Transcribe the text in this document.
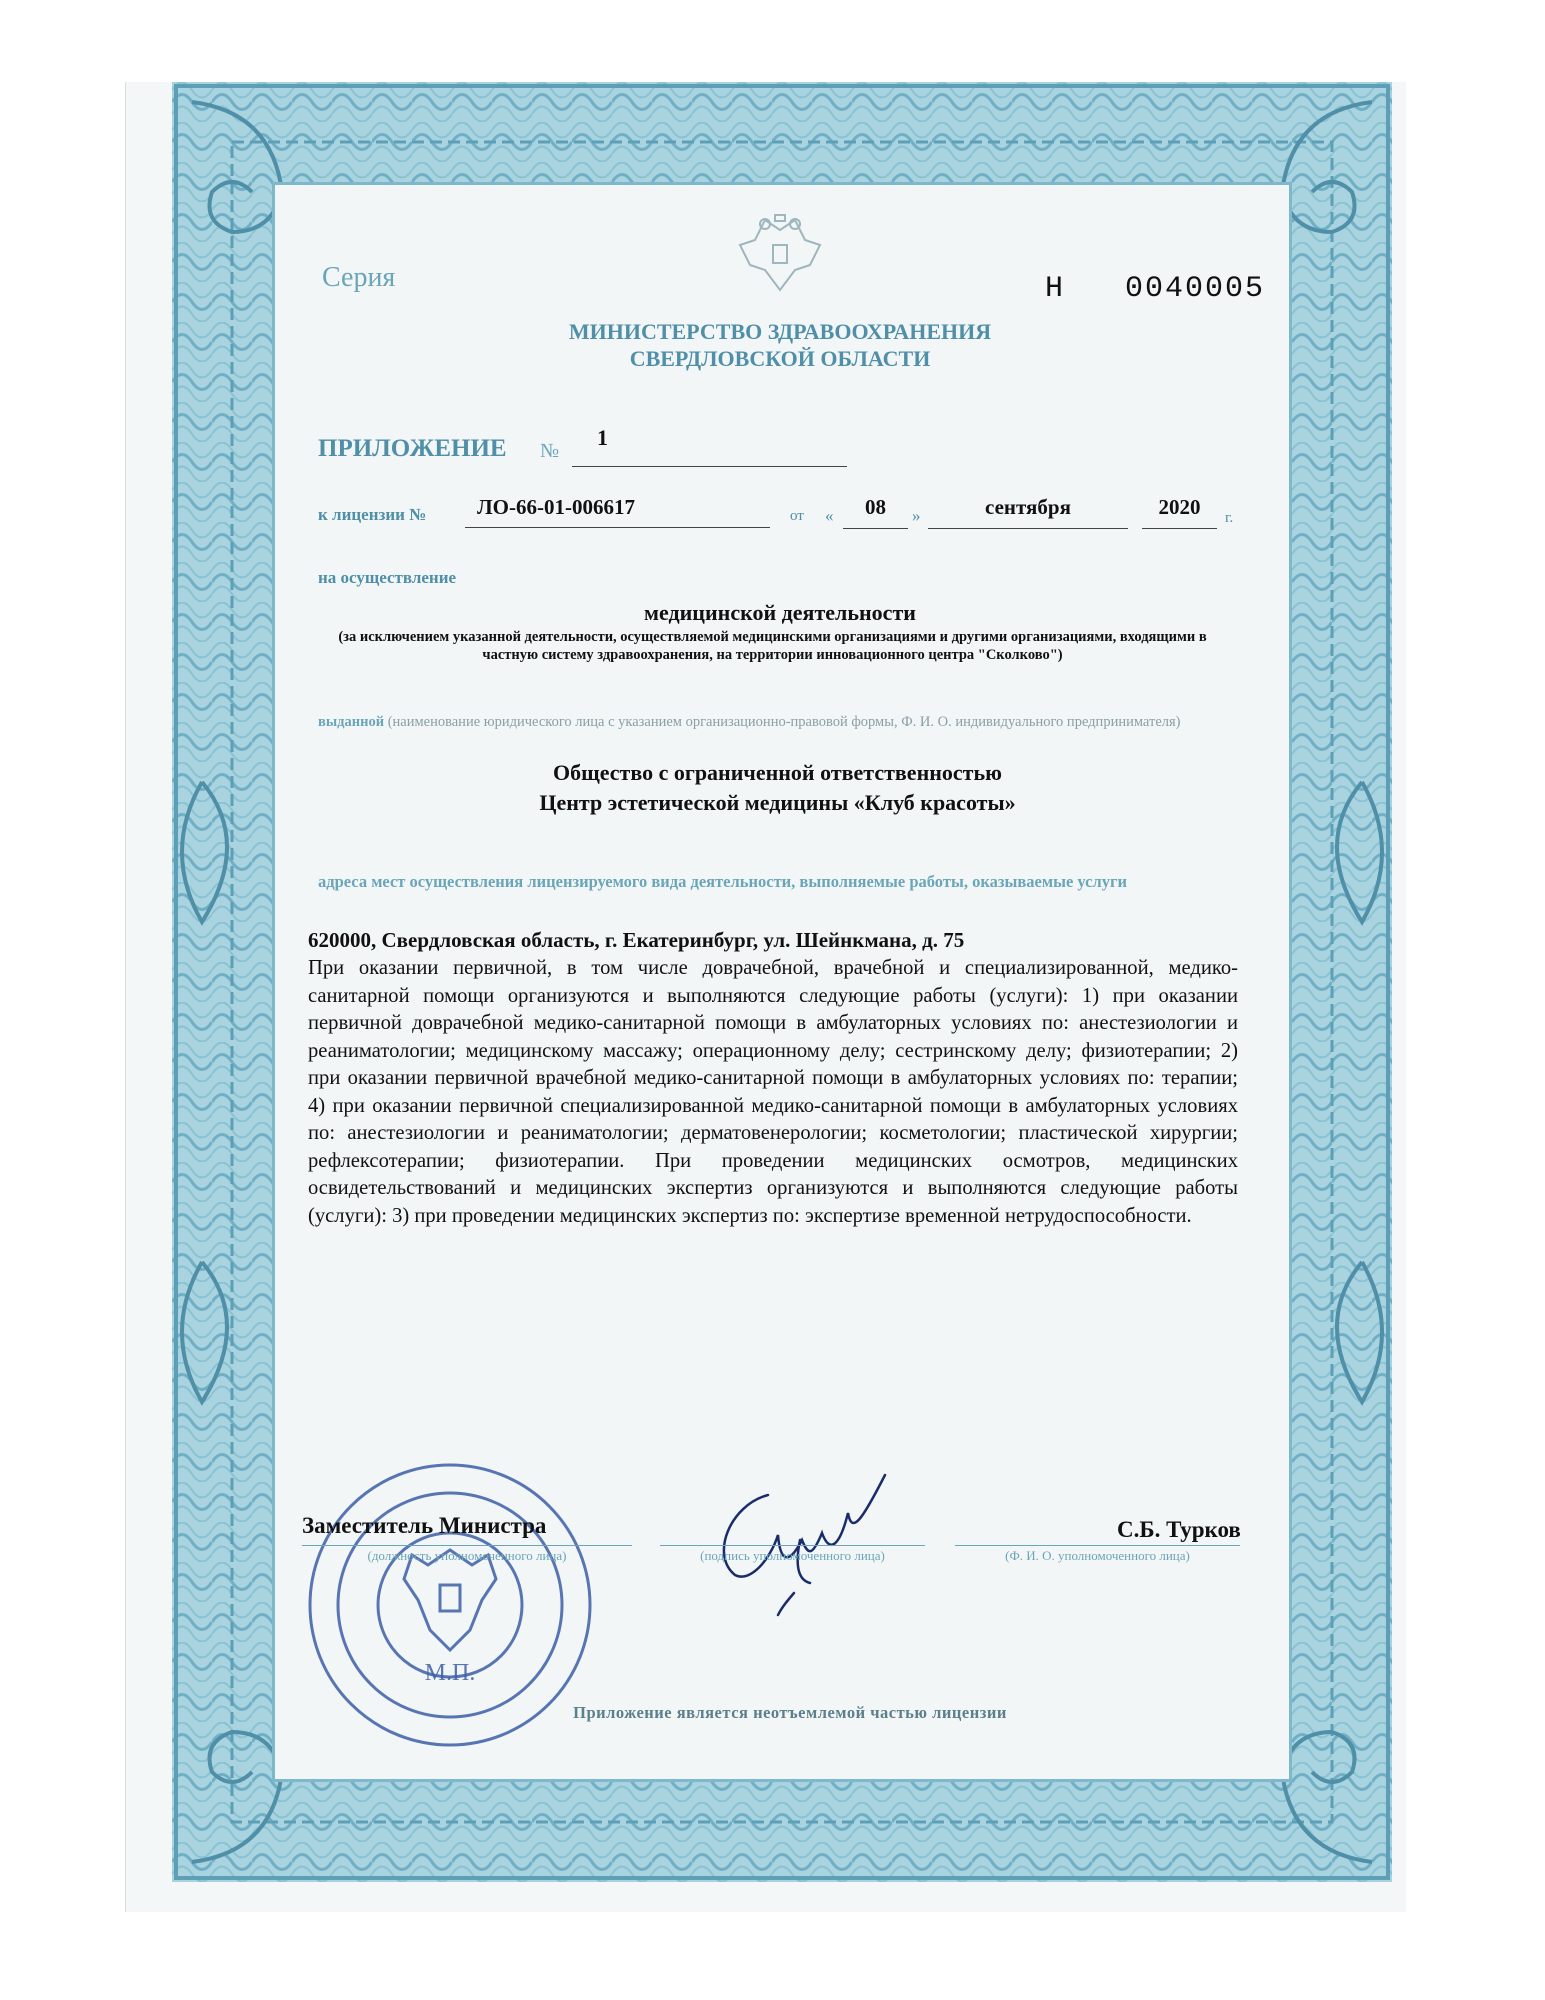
Серия	Н   0040005
МИНИСТЕРСТВО ЗДРАВООХРАНЕНИЯ
СВЕРДЛОВСКОЙ ОБЛАСТИ
ПРИЛОЖЕНИЕ №
1
к лицензии №	ЛО-66-01-006617	от «	08	»	сентября	2020	г.
на осуществление
медицинской деятельности
(за исключением указанной деятельности, осуществляемой медицинскими организациями и другими организациями, входящими в частную систему здравоохранения, на территории инновационного центра "Сколково")
выданной (наименование юридического лица с указанием организационно-правовой формы, Ф. И. О. индивидуального предпринимателя)
Общество с ограниченной ответственностью
Центр эстетической медицины «Клуб красоты»
адреса мест осуществления лицензируемого вида деятельности, выполняемые работы, оказываемые услуги
620000, Свердловская область, г. Екатеринбург, ул. Шейнкмана, д. 75
При оказании первичной, в том числе доврачебной, врачебной и специализированной, медико-санитарной помощи организуются и выполняются следующие работы (услуги): 1) при оказании первичной доврачебной медико-санитарной помощи в амбулаторных условиях по: анестезиологии и реаниматологии; медицинскому массажу; операционному делу; сестринскому делу; физиотерапии; 2) при оказании первичной врачебной медико-санитарной помощи в амбулаторных условиях по: терапии; 4) при оказании первичной специализированной медико-санитарной помощи в амбулаторных условиях по: анестезиологии и реаниматологии; дерматовенерологии; косметологии; пластической хирургии; рефлексотерапии; физиотерапии. При проведении медицинских осмотров, медицинских освидетельствований и медицинских экспертиз организуются и выполняются следующие работы (услуги): 3) при проведении медицинских экспертиз по: экспертизе временной нетрудоспособности.
М.П.
Заместитель Министра
(должность уполномоченного лица)	(подпись уполномоченного лица)
С.Б. Турков
(Ф. И. О. уполномоченного лица)
Приложение является неотъемлемой частью лицензии
